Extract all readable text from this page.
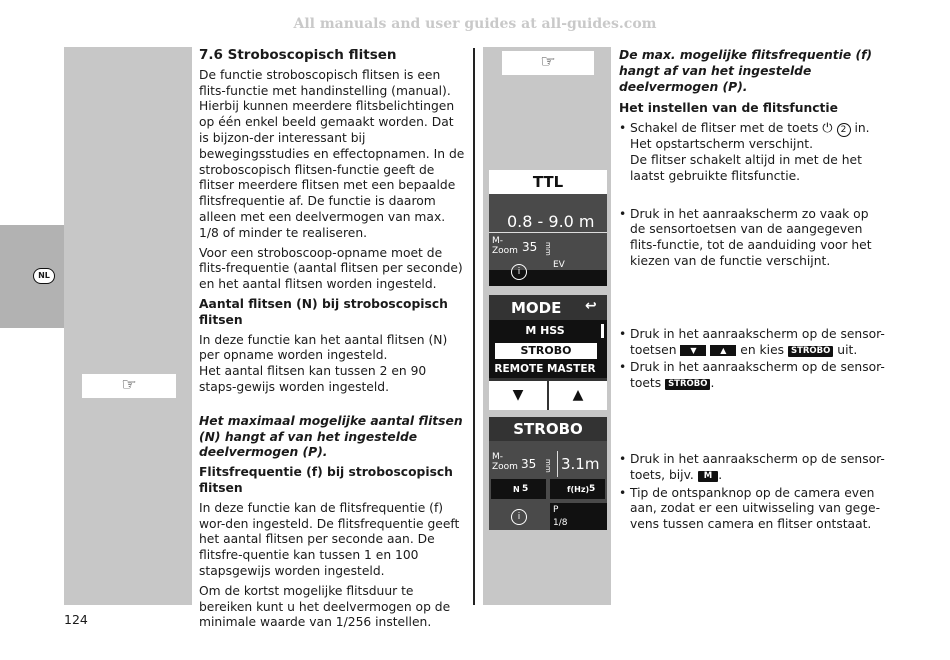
All manuals and user guides at all-guides.com
NL
☞
☞

7.6 Stroboscopisch flitsen

De functie stroboscopisch flitsen is een flits-functie met handinstelling (manual). Hierbij kunnen meerdere flitsbelichtingen op één enkel beeld gemaakt worden. Dat is bijzon-der interessant bij bewegingsstudies en effectopnamen. In de stroboscopisch flitsen-functie geeft de flitser meerdere flitsen met een bepaalde flitsfrequentie af. De functie is daarom alleen met een deelvermogen van max. 1/8 of minder te realiseren.

Voor een stroboscoop-opname moet de flits-frequentie (aantal flitsen per seconde) en het aantal flitsen worden ingesteld.

Aantal flitsen (N) bij stroboscopisch flitsen

In deze functie kan het aantal flitsen (N) per opname worden ingesteld.

Het aantal flitsen kan tussen 2 en 90 staps-gewijs worden ingesteld.

Het maximaal mogelijke aantal flitsen (N) hangt af van het ingestelde deelvermogen (P).

Flitsfrequentie (f) bij stroboscopisch flitsen

In deze functie kan de flitsfrequentie (f) wor-den ingesteld. De flitsfrequentie geeft het aantal flitsen per seconde aan. De flitsfre-quentie kan tussen 1 en 100 stapsgewijs worden ingesteld.

Om de kortst mogelijke flitsduur te bereiken kunt u het deelvermogen op de minimale waarde van 1/256 instellen.

TTL
0.8 - 9.0 m
M-
Zoom 35 mm
i
EV
MODE ↩
M HSS
STROBO
REMOTE MASTER
▼	▲
STROBO
M-
Zoom 35 mm 3.1m
N 5	f(Hz) 5
i
P
1/8

De max. mogelijke flitsfrequentie (f) hangt af van het ingestelde deelvermogen (P).

Het instellen van de flitsfunctie

• Schakel de flitser met de toets ⏻ 2 in.
Het opstartscherm verschijnt.
De flitser schakelt altijd in met de het laatst gebruikte flitsfunctie.
• Druk in het aanraakscherm zo vaak op de sensortoetsen van de aangegeven flits-functie, tot de aanduiding voor het kiezen van de functie verschijnt.
• Druk in het aanraakscherm op de sensor-toetsen ▼	▲ en kies STROBO uit.
• Druk in het aanraakscherm op de sensor-toets STROBO .
• Druk in het aanraakscherm op de sensor-toets, bijv. M .
• Tip de ontspanknop op de camera even aan, zodat er een uitwisseling van gege-vens tussen camera en flitser ontstaat.
124
